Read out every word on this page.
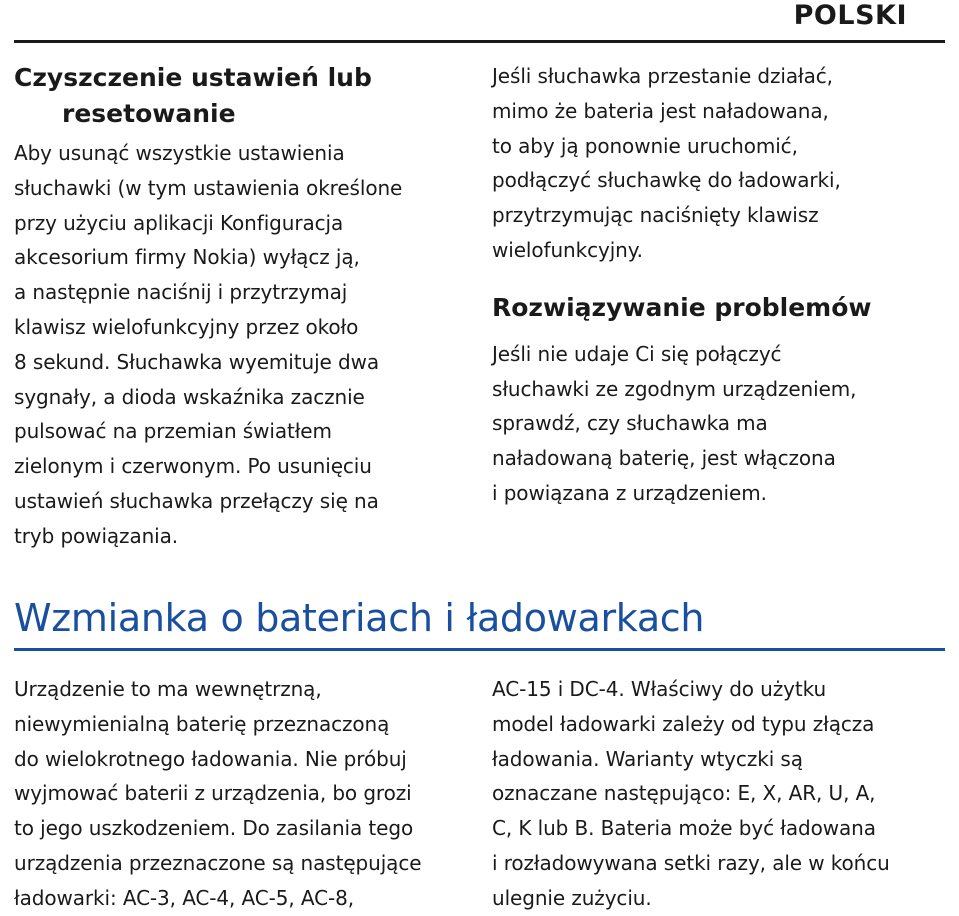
POLSKI
Czyszczenie ustawień lub
resetowanie

Aby usunąć wszystkie ustawienia
słuchawki (w tym ustawienia określone
przy użyciu aplikacji Konfiguracja
akcesorium firmy Nokia) wyłącz ją,
a następnie naciśnij i przytrzymaj
klawisz wielofunkcyjny przez około
8 sekund. Słuchawka wyemituje dwa
sygnały, a dioda wskaźnika zacznie
pulsować na przemian światłem
zielonym i czerwonym. Po usunięciu
ustawień słuchawka przełączy się na
tryb powiązania.

Jeśli słuchawka przestanie działać,
mimo że bateria jest naładowana,
to aby ją ponownie uruchomić,
podłączyć słuchawkę do ładowarki,
przytrzymując naciśnięty klawisz
wielofunkcyjny.

Rozwiązywanie problemów

Jeśli nie udaje Ci się połączyć
słuchawki ze zgodnym urządzeniem,
sprawdź, czy słuchawka ma
naładowaną baterię, jest włączona
i powiązana z urządzeniem.

Wzmianka o bateriach i ładowarkach

Urządzenie to ma wewnętrzną,
niewymienialną baterię przeznaczoną
do wielokrotnego ładowania. Nie próbuj
wyjmować baterii z urządzenia, bo grozi
to jego uszkodzeniem. Do zasilania tego
urządzenia przeznaczone są następujące
ładowarki: AC-3, AC-4, AC-5, AC-8,

AC-15 i DC-4. Właściwy do użytku
model ładowarki zależy od typu złącza
ładowania. Warianty wtyczki są
oznaczane następująco: E, X, AR, U, A,
C, K lub B. Bateria może być ładowana
i rozładowywana setki razy, ale w końcu
ulegnie zużyciu.
